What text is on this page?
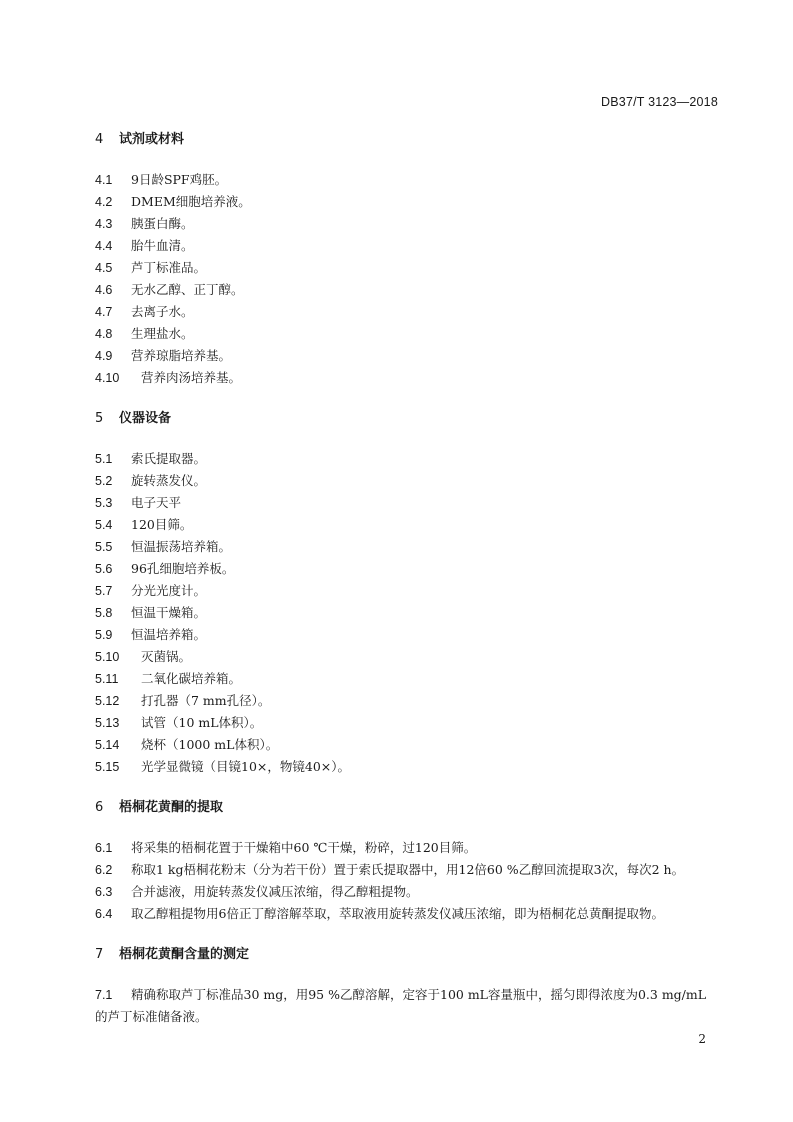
DB37/T 3123—2018
4 试剂或材料

4.1 9日龄SPF鸡胚。

4.2 DMEM细胞培养液。

4.3 胰蛋白酶。

4.4 胎牛血清。

4.5 芦丁标准品。

4.6 无水乙醇、正丁醇。

4.7 去离子水。

4.8 生理盐水。

4.9 营养琼脂培养基。

4.10 营养肉汤培养基。

5 仪器设备

5.1 索氏提取器。

5.2 旋转蒸发仪。

5.3 电子天平

5.4 120目筛。

5.5 恒温振荡培养箱。

5.6 96孔细胞培养板。

5.7 分光光度计。

5.8 恒温干燥箱。

5.9 恒温培养箱。

5.10 灭菌锅。

5.11 二氧化碳培养箱。

5.12 打孔器（7 mm孔径）。

5.13 试管（10 mL体积）。

5.14 烧杯（1000 mL体积）。

5.15 光学显微镜（目镜10×，物镜40×）。

6 梧桐花黄酮的提取

6.1 将采集的梧桐花置于干燥箱中60 ℃干燥，粉碎，过120目筛。

6.2 称取1 kg梧桐花粉末（分为若干份）置于索氏提取器中，用12倍60 %乙醇回流提取3次，每次2 h。

6.3 合并滤液，用旋转蒸发仪减压浓缩，得乙醇粗提物。

6.4 取乙醇粗提物用6倍正丁醇溶解萃取，萃取液用旋转蒸发仪减压浓缩，即为梧桐花总黄酮提取物。

7 梧桐花黄酮含量的测定

7.1 精确称取芦丁标准品30 mg，用95 %乙醇溶解，定容于100 mL容量瓶中，摇匀即得浓度为0.3 mg/mL的芦丁标准储备液。

2
